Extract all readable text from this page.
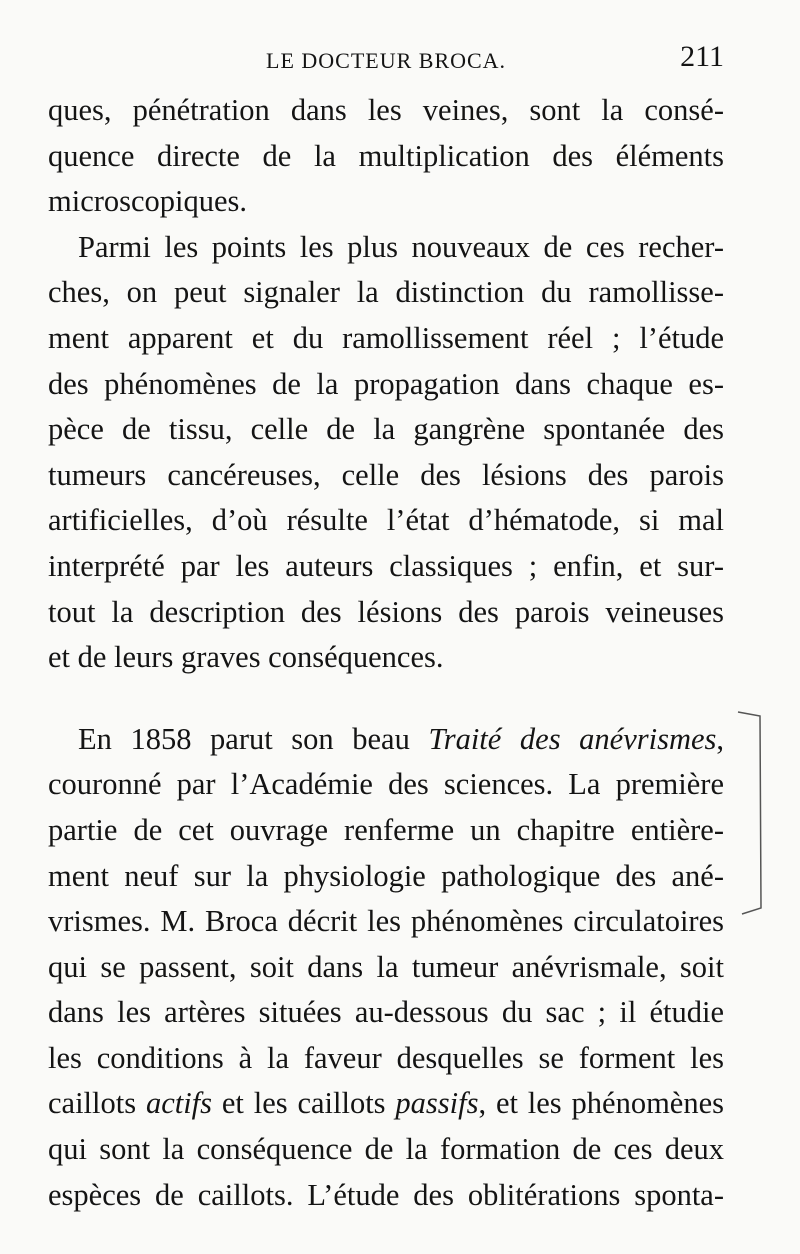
LE DOCTEUR BROCA.	211
ques, pénétration dans les veines, sont la consé-
quence directe de la multiplication des éléments
microscopiques.
Parmi les points les plus nouveaux de ces recher-
ches, on peut signaler la distinction du ramollisse-
ment apparent et du ramollissement réel ; l’étude
des phénomènes de la propagation dans chaque es-
pèce de tissu, celle de la gangrène spontanée des
tumeurs cancéreuses, celle des lésions des parois
artificielles, d’où résulte l’état d’hématode, si mal
interprété par les auteurs classiques ; enfin, et sur-
tout la description des lésions des parois veineuses
et de leurs graves conséquences.
En 1858 parut son beau Traité des anévrismes,
couronné par l’Académie des sciences. La première
partie de cet ouvrage renferme un chapitre entière-
ment neuf sur la physiologie pathologique des ané-
vrismes. M. Broca décrit les phénomènes circulatoires
qui se passent, soit dans la tumeur anévrismale, soit
dans les artères situées au-dessous du sac ; il étudie
les conditions à la faveur desquelles se forment les
caillots actifs et les caillots passifs, et les phénomènes
qui sont la conséquence de la formation de ces deux
espèces de caillots. L’étude des oblitérations sponta-
